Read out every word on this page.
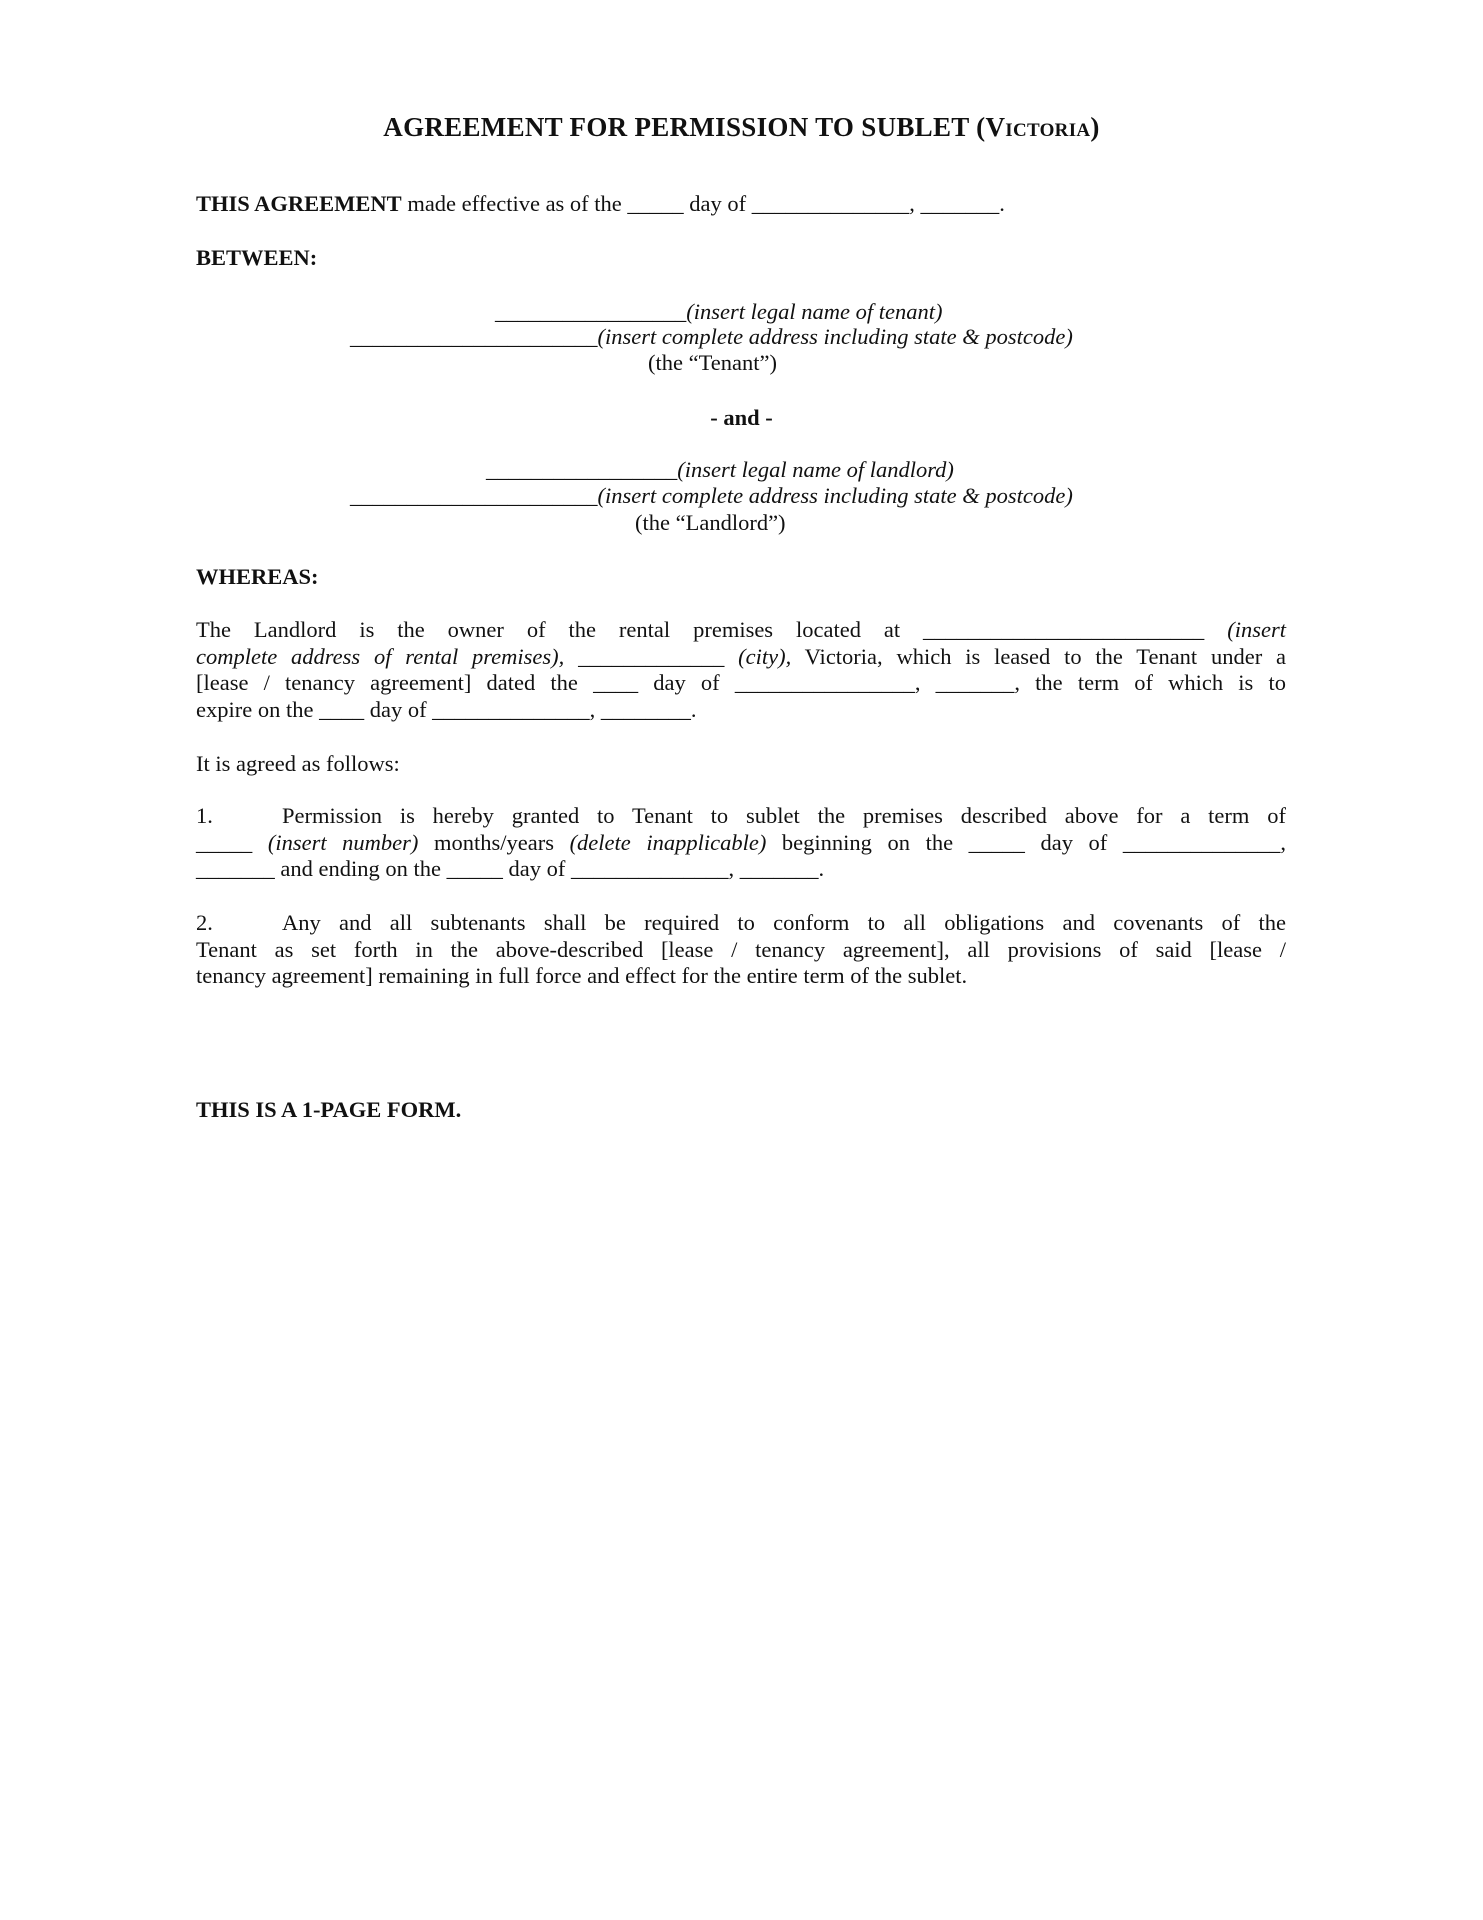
AGREEMENT FOR PERMISSION TO SUBLET (Victoria)
THIS AGREEMENT made effective as of the _____ day of ______________, _______.
BETWEEN:
_________________(insert legal name of tenant)
______________________(insert complete address including state & postcode)
(the “Tenant”)
- and -
_________________(insert legal name of landlord)
______________________(insert complete address including state & postcode)
(the “Landlord”)
WHEREAS:
The Landlord is the owner of the rental premises located at _________________________ (insert
complete address of rental premises), _____________ (city), Victoria, which is leased to the Tenant under a
[lease / tenancy agreement] dated the ____ day of ________________, _______, the term of which is to
expire on the ____ day of ______________, ________.
It is agreed as follows:
1.	Permission is hereby granted to Tenant to sublet the premises described above for a term of
_____ (insert number) months/years (delete inapplicable) beginning on the _____ day of ______________,
_______ and ending on the _____ day of ______________, _______.
2.	Any and all subtenants shall be required to conform to all obligations and covenants of the
Tenant as set forth in the above-described [lease / tenancy agreement], all provisions of said [lease /
tenancy agreement] remaining in full force and effect for the entire term of the sublet.
THIS IS A 1-PAGE FORM.
